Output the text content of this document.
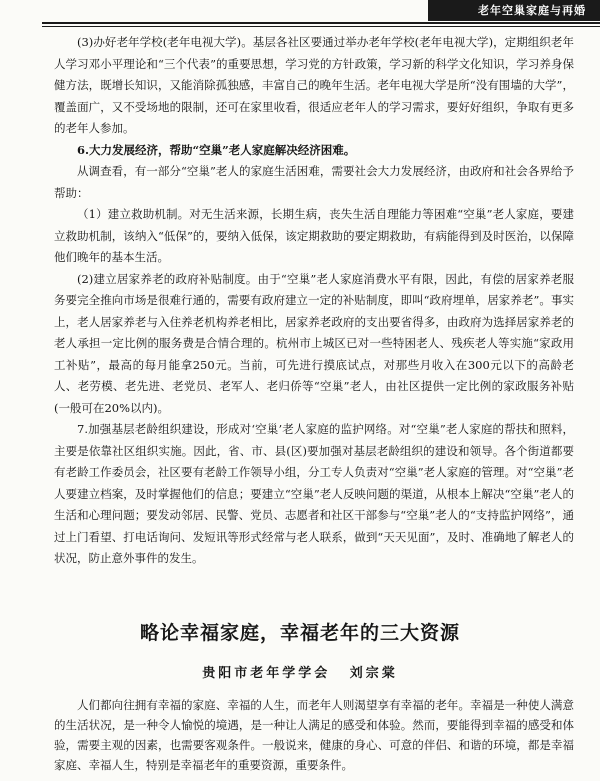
老年空巢家庭与再婚

(3)办好老年学校(老年电视大学)。基层各社区要通过举办老年学校(老年电视大学)，定期组织老年人学习邓小平理论和“三个代表”的重要思想，学习党的方针政策，学习新的科学文化知识，学习养身保健方法，既增长知识，又能消除孤独感，丰富自己的晚年生活。老年电视大学是所“没有围墙的大学”，覆盖面广，又不受场地的限制，还可在家里收看，很适应老年人的学习需求，要好好组织，争取有更多的老年人参加。

6.大力发展经济，帮助“空巢”老人家庭解决经济困难。

从调查看，有一部分“空巢”老人的家庭生活困难，需要社会大力发展经济，由政府和社会各界给予帮助：

（1）建立救助机制。对无生活来源，长期生病，丧失生活自理能力等困难“空巢”老人家庭，要建立救助机制，该纳入“低保”的，要纳入低保，该定期救助的要定期救助，有病能得到及时医治，以保障他们晚年的基本生活。

(2)建立居家养老的政府补贴制度。由于“空巢”老人家庭消费水平有限，因此，有偿的居家养老服务要完全推向市场是很难行通的，需要有政府建立一定的补贴制度，即叫“政府埋单，居家养老”。事实上，老人居家养老与入住养老机构养老相比，居家养老政府的支出要省得多，由政府为选择居家养老的老人承担一定比例的服务费是合情合理的。杭州市上城区已对一些特困老人、残疾老人等实施“家政用工补贴”，最高的每月能拿250元。当前，可先进行摸底试点，对那些月收入在300元以下的高龄老人、老劳模、老先进、老党员、老军人、老归侨等“空巢”老人，由社区提供一定比例的家政服务补贴(一般可在20%以内)。

7.加强基层老龄组织建设，形成对‘空巢’老人家庭的监护网络。对“空巢”老人家庭的帮扶和照料，主要是依靠社区组织实施。因此，省、市、县(区)要加强对基层老龄组织的建设和领导。各个街道都要有老龄工作委员会，社区要有老龄工作领导小组，分工专人负责对“空巢”老人家庭的管理。对“空巢”老人要建立档案，及时掌握他们的信息；要建立“空巢”老人反映问题的渠道，从根本上解决“空巢”老人的生活和心理问题；要发动邻居、民警、党员、志愿者和社区干部参与“空巢”老人的“支持监护网络”，通过上门看望、打电话询问、发短讯等形式经常与老人联系，做到“天天见面”，及时、准确地了解老人的状况，防止意外事件的发生。

略论幸福家庭，幸福老年的三大资源
贵阳市老年学学会 刘宗棠

人们都向往拥有幸福的家庭、幸福的人生，而老年人则渴望享有幸福的老年。幸福是一种使人满意的生活状况，是一种令人愉悦的境遇，是一种让人满足的感受和体验。然而，要能得到幸福的感受和体验，需要主观的因素，也需要客观条件。一般说来，健康的身心、可意的伴侣、和谐的环境，都是幸福家庭、幸福人生，特别是幸福老年的重要资源，重要条件。
